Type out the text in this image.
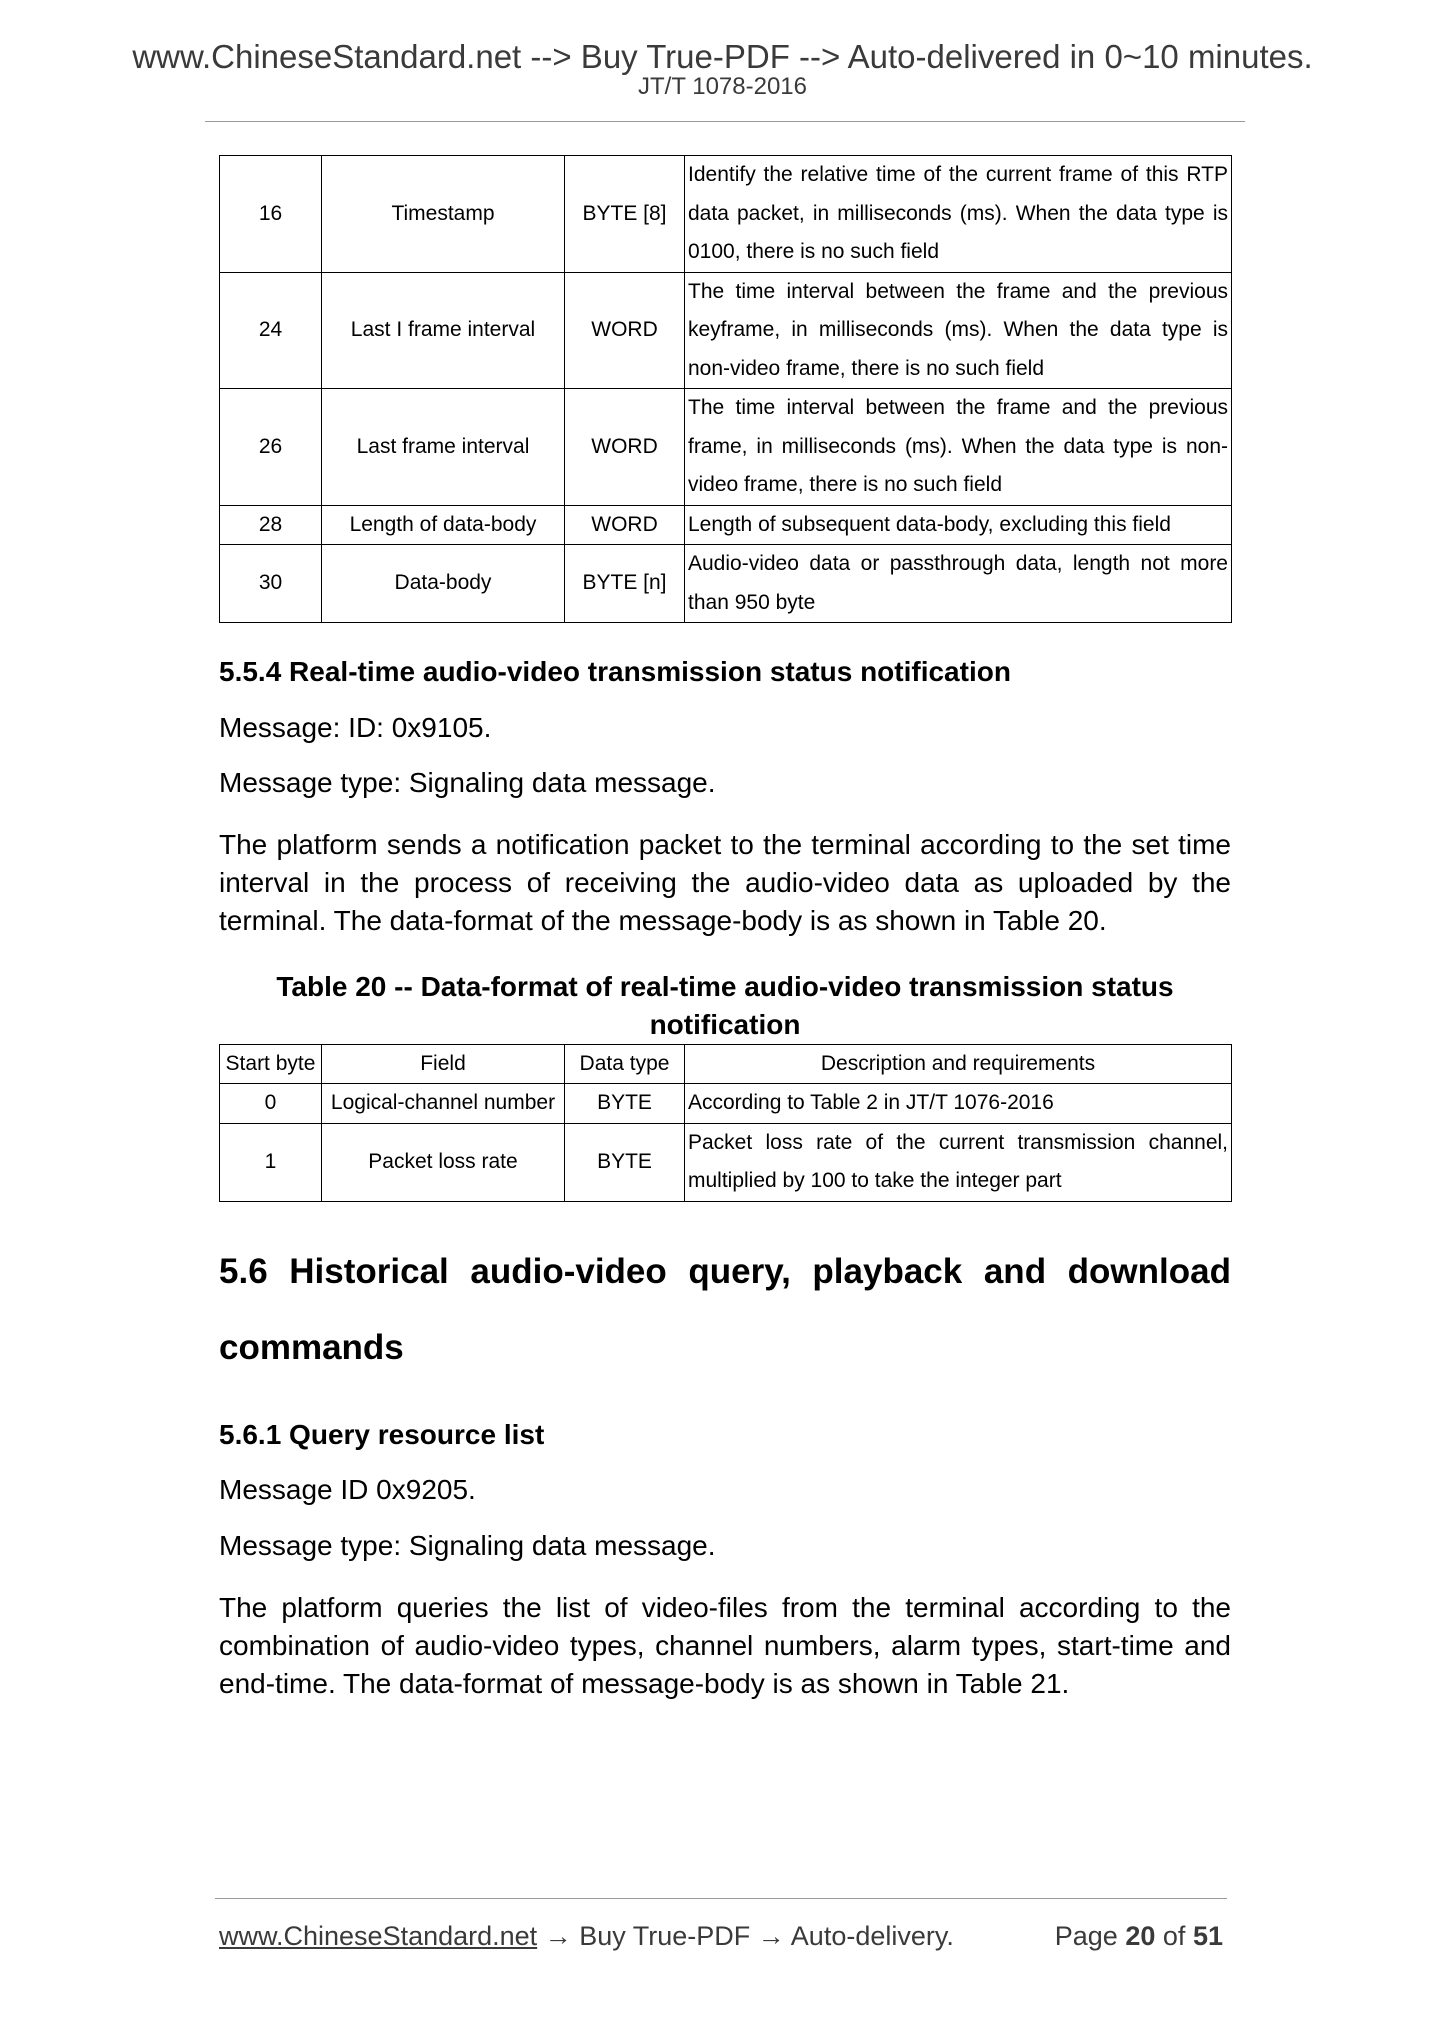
www.ChineseStandard.net --> Buy True-PDF --> Auto-delivered in 0~10 minutes.
JT/T 1078-2016
16	Timestamp	BYTE [8]	Identify the relative time of the current frame of this RTP data packet, in milliseconds (ms). When the data type is 0100, there is no such field
24	Last I frame interval	WORD	The time interval between the frame and the previous keyframe, in milliseconds (ms). When the data type is non-video frame, there is no such field
26	Last frame interval	WORD	The time interval between the frame and the previous frame, in milliseconds (ms). When the data type is non-video frame, there is no such field
28	Length of data-body	WORD	Length of subsequent data-body, excluding this field
30	Data-body	BYTE [n]	Audio-video data or passthrough data, length not more than 950 byte
5.5.4 Real-time audio-video transmission status notification

Message: ID: 0x9105.

Message type: Signaling data message.

The platform sends a notification packet to the terminal according to the set time interval in the process of receiving the audio-video data as uploaded by the terminal. The data-format of the message-body is as shown in Table 20.

Table 20 -- Data-format of real-time audio-video transmission status notification
Start byte	Field	Data type	Description and requirements
0	Logical-channel number	BYTE	According to Table 2 in JT/T 1076-2016
1	Packet loss rate	BYTE	Packet loss rate of the current transmission channel, multiplied by 100 to take the integer part
5.6 Historical audio-video query, playback and download commands
5.6.1 Query resource list

Message ID 0x9205.

Message type: Signaling data message.

The platform queries the list of video-files from the terminal according to the combination of audio-video types, channel numbers, alarm types, start-time and end-time. The data-format of message-body is as shown in Table 21.

www.ChineseStandard.net → Buy True-PDF → Auto-delivery.	Page 20 of 51
